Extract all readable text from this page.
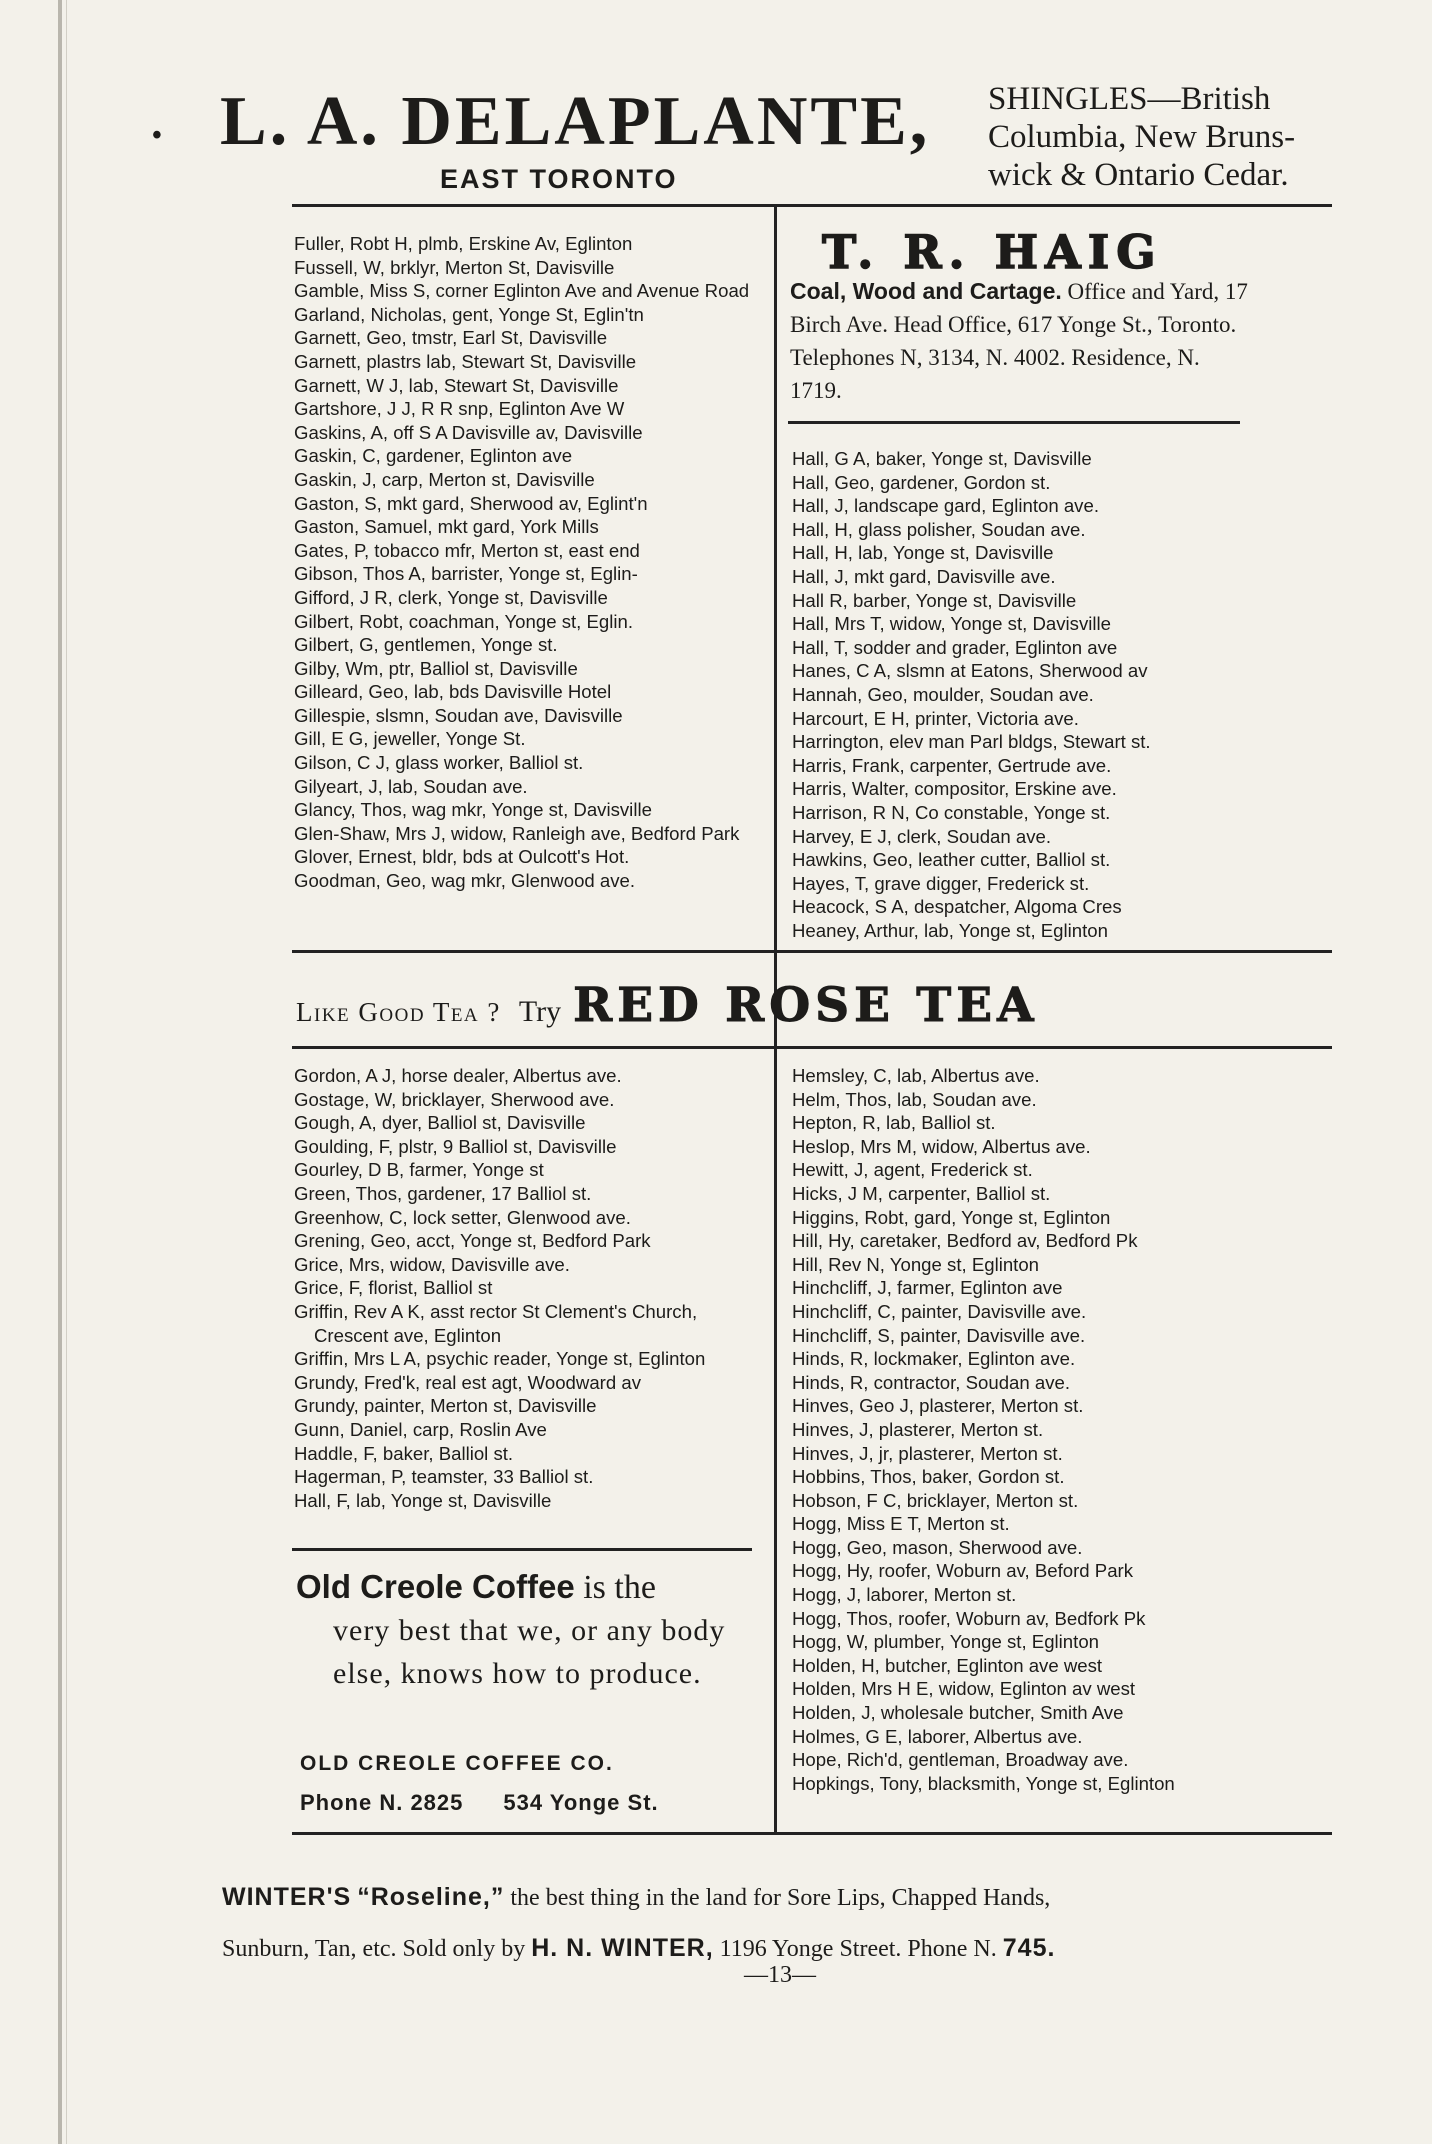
• L. A. DELAPLANTE,
EAST TORONTO
SHINGLES—British
Columbia, New Bruns-
wick & Ontario Cedar.
Fuller, Robt H, plmb, Erskine Av, Eglinton
Fussell, W, brklyr, Merton St, Davisville
Gamble, Miss S, corner Eglinton Ave and Avenue Road
Garland, Nicholas, gent, Yonge St, Eglin'tn
Garnett, Geo, tmstr, Earl St, Davisville
Garnett, plastrs lab, Stewart St, Davisville
Garnett, W J, lab, Stewart St, Davisville
Gartshore, J J, R R snp, Eglinton Ave W
Gaskins, A, off S A Davisville av, Davisville
Gaskin, C, gardener, Eglinton ave
Gaskin, J, carp, Merton st, Davisville
Gaston, S, mkt gard, Sherwood av, Eglint'n
Gaston, Samuel, mkt gard, York Mills
Gates, P, tobacco mfr, Merton st, east end
Gibson, Thos A, barrister, Yonge st, Eglin-
Gifford, J R, clerk, Yonge st, Davisville
Gilbert, Robt, coachman, Yonge st, Eglin.
Gilbert, G, gentlemen, Yonge st.
Gilby, Wm, ptr, Balliol st, Davisville
Gilleard, Geo, lab, bds Davisville Hotel
Gillespie, slsmn, Soudan ave, Davisville
Gill, E G, jeweller, Yonge St.
Gilson, C J, glass worker, Balliol st.
Gilyeart, J, lab, Soudan ave.
Glancy, Thos, wag mkr, Yonge st, Davisville
Glen-Shaw, Mrs J, widow, Ranleigh ave, Bedford Park
Glover, Ernest, bldr, bds at Oulcott's Hot.
Goodman, Geo, wag mkr, Glenwood ave.
T. R. HAIG
Coal, Wood and Cartage. Office and Yard, 17 Birch Ave. Head Office, 617 Yonge St., Toronto. Telephones N, 3134, N. 4002. Residence, N. 1719.
Hall, G A, baker, Yonge st, Davisville
Hall, Geo, gardener, Gordon st.
Hall, J, landscape gard, Eglinton ave.
Hall, H, glass polisher, Soudan ave.
Hall, H, lab, Yonge st, Davisville
Hall, J, mkt gard, Davisville ave.
Hall R, barber, Yonge st, Davisville
Hall, Mrs T, widow, Yonge st, Davisville
Hall, T, sodder and grader, Eglinton ave
Hanes, C A, slsmn at Eatons, Sherwood av
Hannah, Geo, moulder, Soudan ave.
Harcourt, E H, printer, Victoria ave.
Harrington, elev man Parl bldgs, Stewart st.
Harris, Frank, carpenter, Gertrude ave.
Harris, Walter, compositor, Erskine ave.
Harrison, R N, Co constable, Yonge st.
Harvey, E J, clerk, Soudan ave.
Hawkins, Geo, leather cutter, Balliol st.
Hayes, T, grave digger, Frederick st.
Heacock, S A, despatcher, Algoma Cres
Heaney, Arthur, lab, Yonge st, Eglinton
Like Good Tea ? Try RED ROSE TEA
Gordon, A J, horse dealer, Albertus ave.
Gostage, W, bricklayer, Sherwood ave.
Gough, A, dyer, Balliol st, Davisville
Goulding, F, plstr, 9 Balliol st, Davisville
Gourley, D B, farmer, Yonge st
Green, Thos, gardener, 17 Balliol st.
Greenhow, C, lock setter, Glenwood ave.
Grening, Geo, acct, Yonge st, Bedford Park
Grice, Mrs, widow, Davisville ave.
Grice, F, florist, Balliol st
Griffin, Rev A K, asst rector St Clement's Church, Crescent ave, Eglinton
Griffin, Mrs L A, psychic reader, Yonge st, Eglinton
Grundy, Fred'k, real est agt, Woodward av
Grundy, painter, Merton st, Davisville
Gunn, Daniel, carp, Roslin Ave
Haddle, F, baker, Balliol st.
Hagerman, P, teamster, 33 Balliol st.
Hall, F, lab, Yonge st, Davisville
Old Creole Coffee is the
very best that we, or any body else, knows how to produce.
OLD CREOLE COFFEE CO.
Phone N. 2825 534 Yonge St.
Hemsley, C, lab, Albertus ave.
Helm, Thos, lab, Soudan ave.
Hepton, R, lab, Balliol st.
Heslop, Mrs M, widow, Albertus ave.
Hewitt, J, agent, Frederick st.
Hicks, J M, carpenter, Balliol st.
Higgins, Robt, gard, Yonge st, Eglinton
Hill, Hy, caretaker, Bedford av, Bedford Pk
Hill, Rev N, Yonge st, Eglinton
Hinchcliff, J, farmer, Eglinton ave
Hinchcliff, C, painter, Davisville ave.
Hinchcliff, S, painter, Davisville ave.
Hinds, R, lockmaker, Eglinton ave.
Hinds, R, contractor, Soudan ave.
Hinves, Geo J, plasterer, Merton st.
Hinves, J, plasterer, Merton st.
Hinves, J, jr, plasterer, Merton st.
Hobbins, Thos, baker, Gordon st.
Hobson, F C, bricklayer, Merton st.
Hogg, Miss E T, Merton st.
Hogg, Geo, mason, Sherwood ave.
Hogg, Hy, roofer, Woburn av, Beford Park
Hogg, J, laborer, Merton st.
Hogg, Thos, roofer, Woburn av, Bedfork Pk
Hogg, W, plumber, Yonge st, Eglinton
Holden, H, butcher, Eglinton ave west
Holden, Mrs H E, widow, Eglinton av west
Holden, J, wholesale butcher, Smith Ave
Holmes, G E, laborer, Albertus ave.
Hope, Rich'd, gentleman, Broadway ave.
Hopkings, Tony, blacksmith, Yonge st, Eglinton
WINTER'S “Roseline,” the best thing in the land for Sore Lips, Chapped Hands,
Sunburn, Tan, etc. Sold only by H. N. WINTER, 1196 Yonge Street. Phone N. 745.
—13—
